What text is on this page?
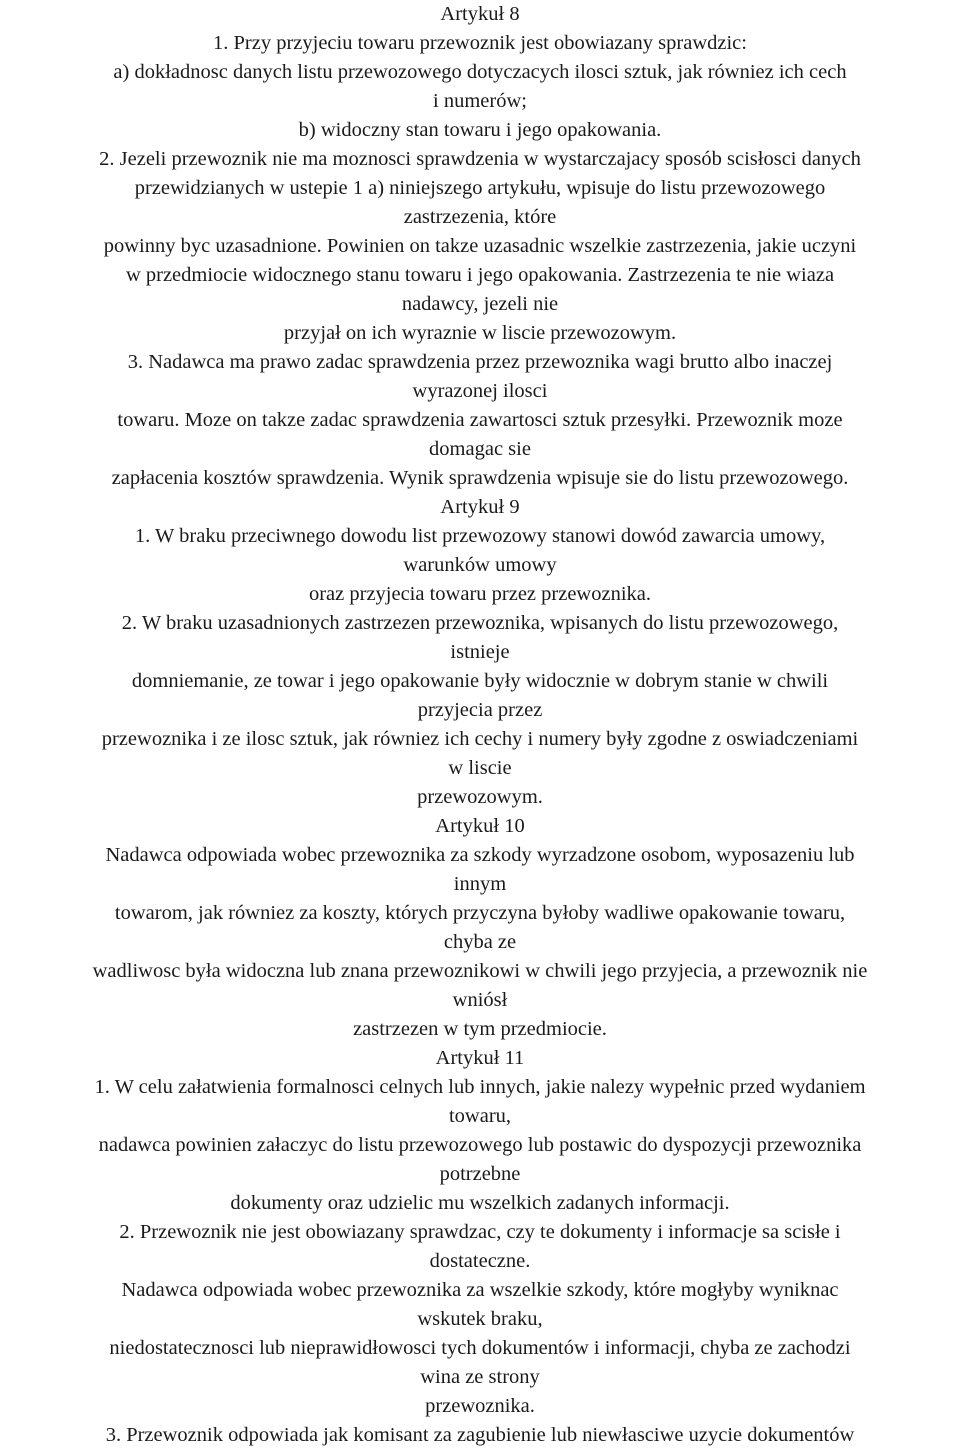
Artykuł 8
1. Przy przyjeciu towaru przewoznik jest obowiazany sprawdzic:
a) dokładnosc danych listu przewozowego dotyczacych ilosci sztuk, jak równiez ich cech
i numerów;
b) widoczny stan towaru i jego opakowania.
2. Jezeli przewoznik nie ma moznosci sprawdzenia w wystarczajacy sposób scisłosci danych
przewidzianych w ustepie 1 a) niniejszego artykułu, wpisuje do listu przewozowego
zastrzezenia, które
powinny byc uzasadnione. Powinien on takze uzasadnic wszelkie zastrzezenia, jakie uczyni
w przedmiocie widocznego stanu towaru i jego opakowania. Zastrzezenia te nie wiaza
nadawcy, jezeli nie
przyjał on ich wyraznie w liscie przewozowym.
3. Nadawca ma prawo zadac sprawdzenia przez przewoznika wagi brutto albo inaczej
wyrazonej ilosci
towaru. Moze on takze zadac sprawdzenia zawartosci sztuk przesyłki. Przewoznik moze
domagac sie
zapłacenia kosztów sprawdzenia. Wynik sprawdzenia wpisuje sie do listu przewozowego.
Artykuł 9
1. W braku przeciwnego dowodu list przewozowy stanowi dowód zawarcia umowy,
warunków umowy
oraz przyjecia towaru przez przewoznika.
2. W braku uzasadnionych zastrzezen przewoznika, wpisanych do listu przewozowego,
istnieje
domniemanie, ze towar i jego opakowanie były widocznie w dobrym stanie w chwili
przyjecia przez
przewoznika i ze ilosc sztuk, jak równiez ich cechy i numery były zgodne z oswiadczeniami
w liscie
przewozowym.
Artykuł 10
Nadawca odpowiada wobec przewoznika za szkody wyrzadzone osobom, wyposazeniu lub
innym
towarom, jak równiez za koszty, których przyczyna byłoby wadliwe opakowanie towaru,
chyba ze
wadliwosc była widoczna lub znana przewoznikowi w chwili jego przyjecia, a przewoznik nie
wniósł
zastrzezen w tym przedmiocie.
Artykuł 11
1. W celu załatwienia formalnosci celnych lub innych, jakie nalezy wypełnic przed wydaniem
towaru,
nadawca powinien załaczyc do listu przewozowego lub postawic do dyspozycji przewoznika
potrzebne
dokumenty oraz udzielic mu wszelkich zadanych informacji.
2. Przewoznik nie jest obowiazany sprawdzac, czy te dokumenty i informacje sa scisłe i
dostateczne.
Nadawca odpowiada wobec przewoznika za wszelkie szkody, które mogłyby wyniknac
wskutek braku,
niedostatecznosci lub nieprawidłowosci tych dokumentów i informacji, chyba ze zachodzi
wina ze strony
przewoznika.
3. Przewoznik odpowiada jak komisant za zagubienie lub niewłasciwe uzycie dokumentów
